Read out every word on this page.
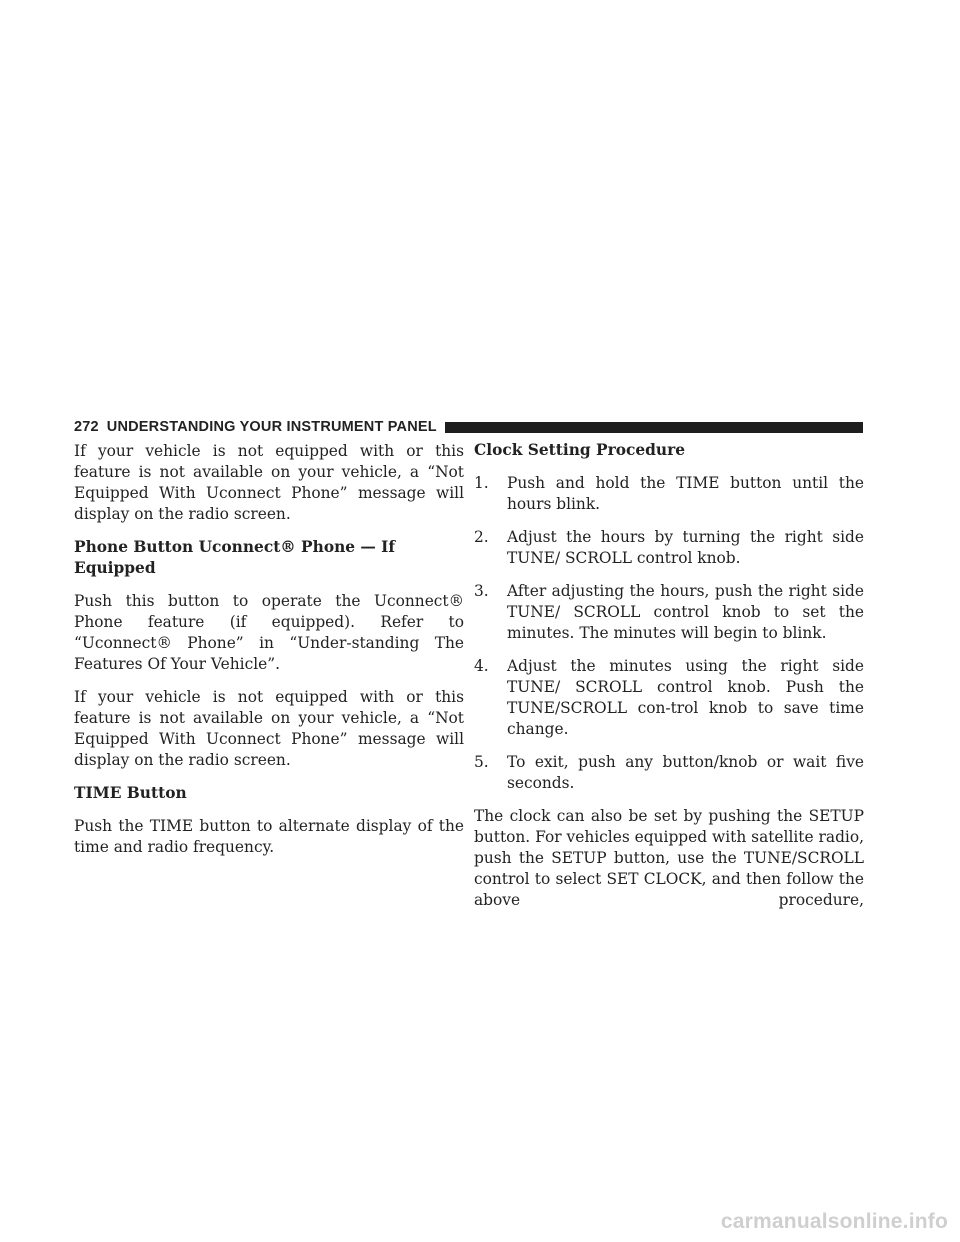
272 UNDERSTANDING YOUR INSTRUMENT PANEL

If your vehicle is not equipped with or this feature is not available on your vehicle, a “Not Equipped With Uconnect Phone” message will display on the radio screen.

Phone Button Uconnect® Phone — If Equipped

Push this button to operate the Uconnect® Phone feature (if equipped). Refer to “Uconnect® Phone” in “Under-standing The Features Of Your Vehicle”.

If your vehicle is not equipped with or this feature is not available on your vehicle, a “Not Equipped With Uconnect Phone” message will display on the radio screen.

TIME Button

Push the TIME button to alternate display of the time and radio frequency.

Clock Setting Procedure
1. Push and hold the TIME button until the hours blink.
2. Adjust the hours by turning the right side TUNE/ SCROLL control knob.
3. After adjusting the hours, push the right side TUNE/ SCROLL control knob to set the minutes. The minutes will begin to blink.
4. Adjust the minutes using the right side TUNE/ SCROLL control knob. Push the TUNE/SCROLL con-trol knob to save time change.
5. To exit, push any button/knob or wait five seconds.

The clock can also be set by pushing the SETUP button. For vehicles equipped with satellite radio, push the SETUP button, use the TUNE/SCROLL control to select SET CLOCK, and then follow the above procedure,

carmanualsonline.info
